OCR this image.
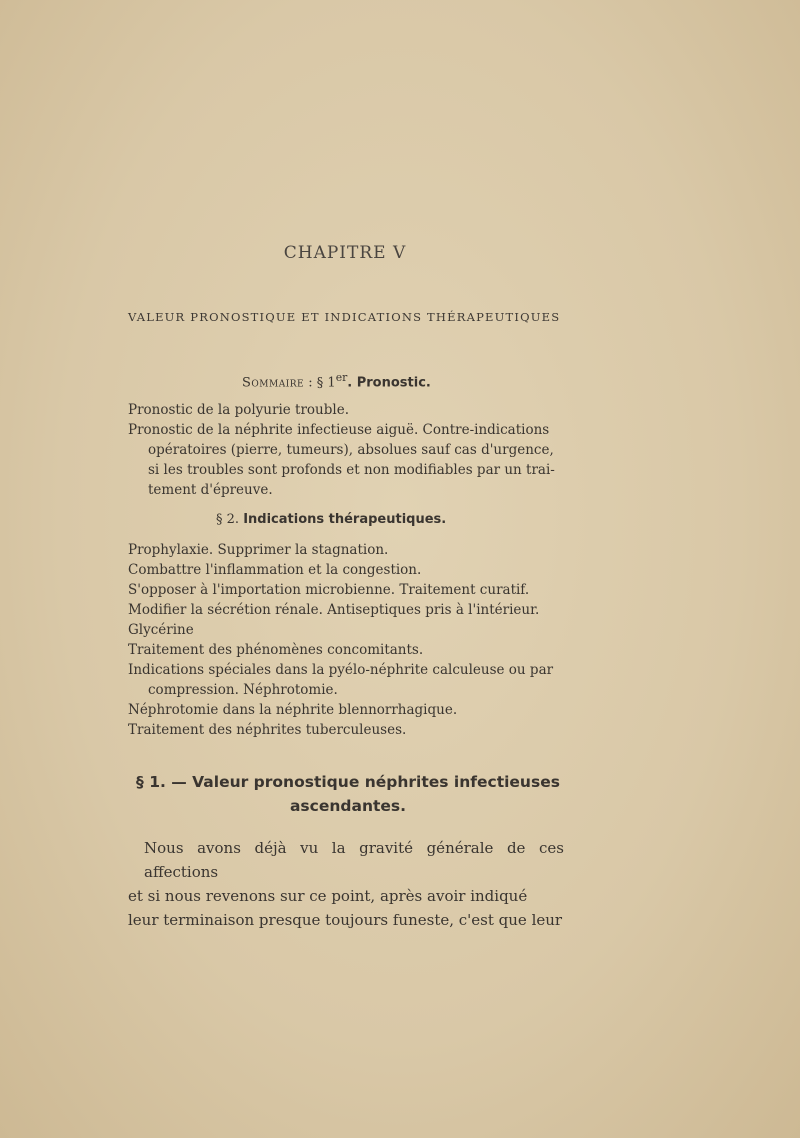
CHAPITRE V
VALEUR PRONOSTIQUE ET INDICATIONS THÉRAPEUTIQUES
Sommaire : § 1er. Pronostic.

Pronostic de la polyurie trouble.

Pronostic de la néphrite infectieuse aiguë. Contre-indications

opératoires (pierre, tumeurs), absolues sauf cas d'urgence,

si les troubles sont profonds et non modifiables par un trai-

tement d'épreuve.

§ 2. Indications thérapeutiques.

Prophylaxie. Supprimer la stagnation.

Combattre l'inflammation et la congestion.

S'opposer à l'importation microbienne. Traitement curatif.

Modifier la sécrétion rénale. Antiseptiques pris à l'intérieur.

Glycérine

Traitement des phénomènes concomitants.

Indications spéciales dans la pyélo-néphrite calculeuse ou par

compression. Néphrotomie.

Néphrotomie dans la néphrite blennorrhagique.

Traitement des néphrites tuberculeuses.

§ 1. — Valeur pronostique néphrites infectieuses
ascendantes.
Nous avons déjà vu la gravité générale de ces affections
et si nous revenons sur ce point, après avoir indiqué
leur terminaison presque toujours funeste, c'est que leur
